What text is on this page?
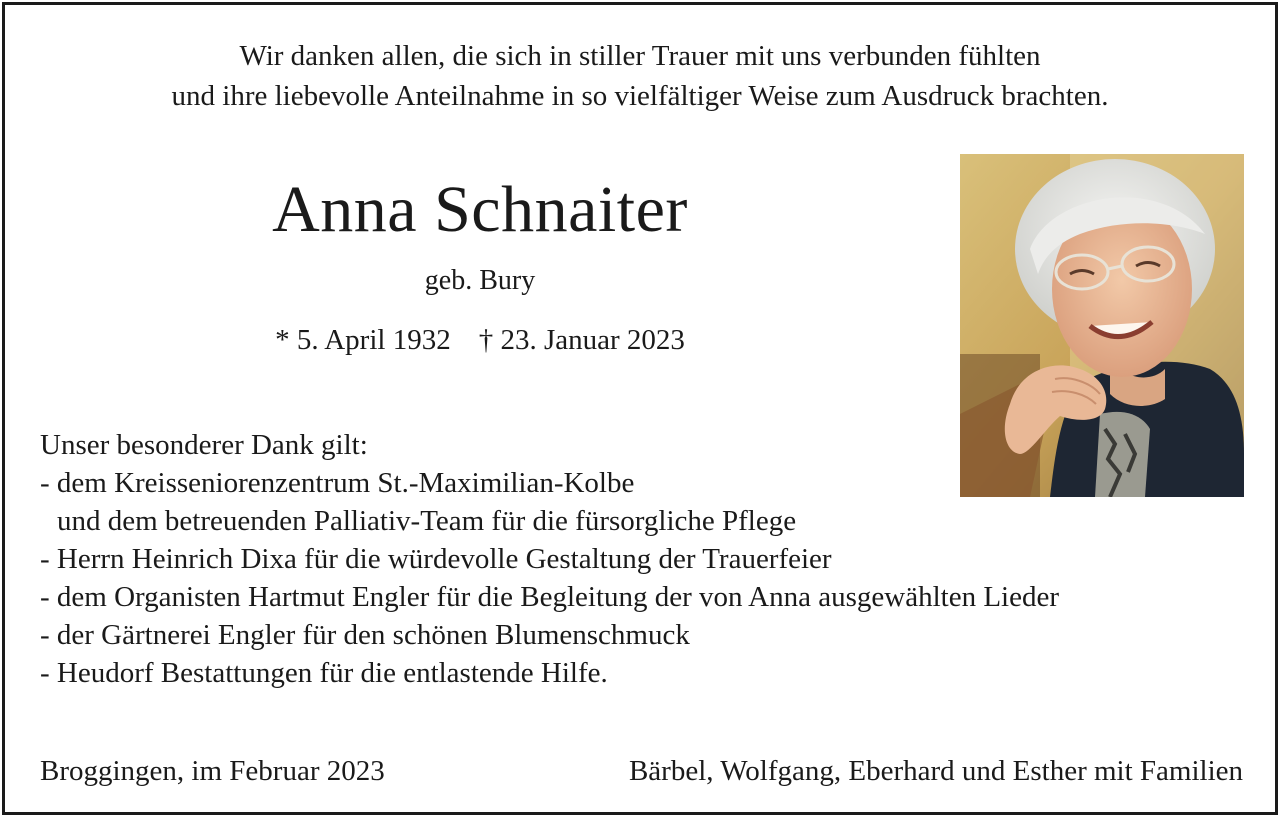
Wir danken allen, die sich in stiller Trauer mit uns verbunden fühlten
und ihre liebevolle Anteilnahme in so vielfältiger Weise zum Ausdruck brachten.
Anna Schnaiter
geb. Bury
* 5. April 1932 † 23. Januar 2023
Unser besonderer Dank gilt:
- dem Kreisseniorenzentrum St.-Maximilian-Kolbe
und dem betreuenden Palliativ-Team für die fürsorgliche Pflege
- Herrn Heinrich Dixa für die würdevolle Gestaltung der Trauerfeier
- dem Organisten Hartmut Engler für die Begleitung der von Anna ausgewählten Lieder
- der Gärtnerei Engler für den schönen Blumenschmuck
- Heudorf Bestattungen für die entlastende Hilfe.
Broggingen, im Februar 2023	Bärbel, Wolfgang, Eberhard und Esther mit Familien
